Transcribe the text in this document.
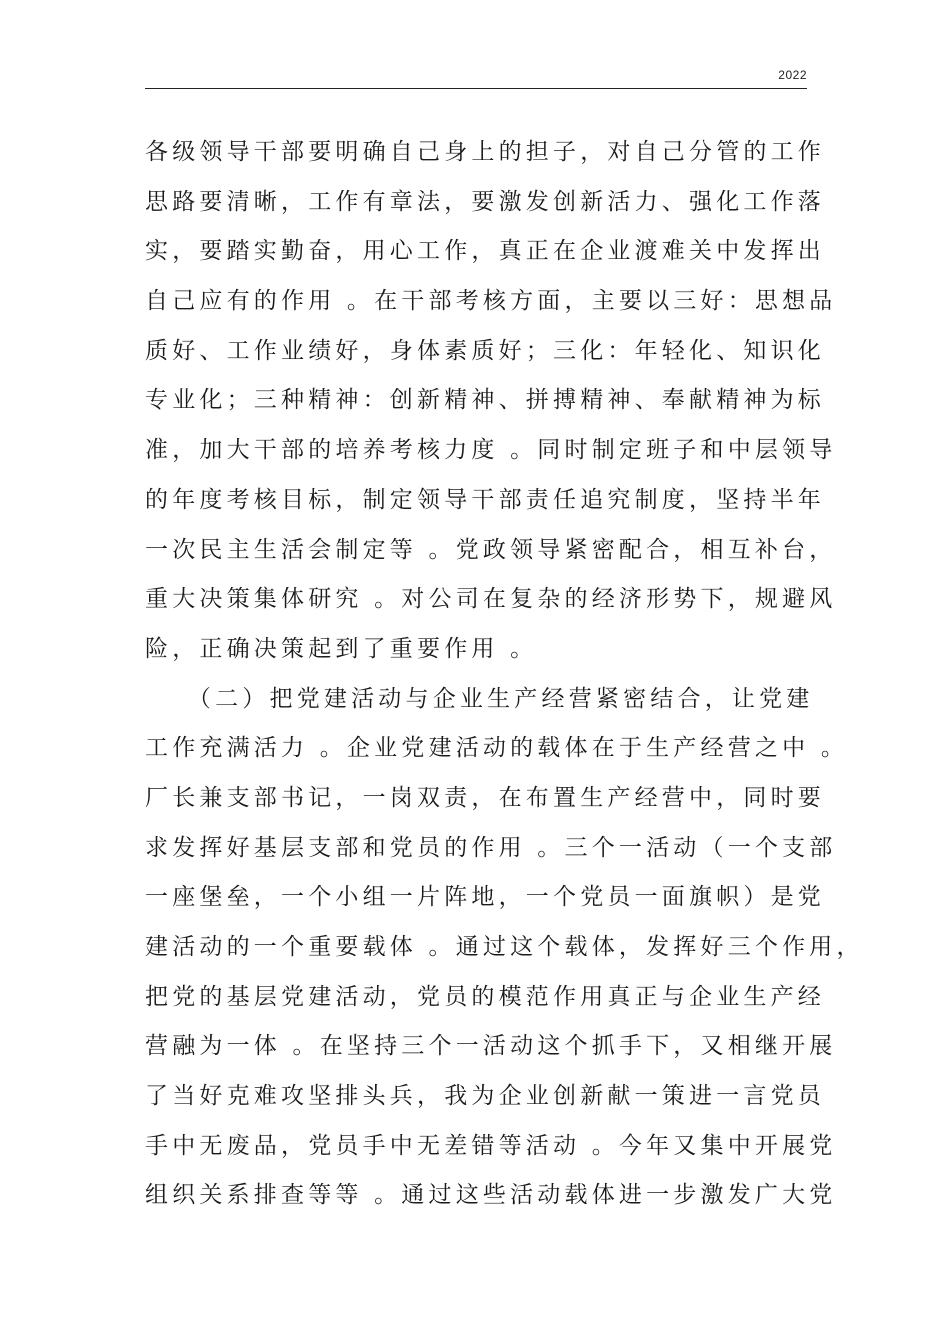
2022
各级领导干部要明确自己身上的担子，对自己分管的工作
思路要清晰，工作有章法，要激发创新活力、强化工作落
实，要踏实勤奋，用心工作，真正在企业渡难关中发挥出
自己应有的作用 。在干部考核方面，主要以三好：思想品
质好、工作业绩好，身体素质好；三化：年轻化、知识化
专业化；三种精神：创新精神、拼搏精神、奉献精神为标
准，加大干部的培养考核力度 。同时制定班子和中层领导
的年度考核目标，制定领导干部责任追究制度，坚持半年
一次民主生活会制定等 。党政领导紧密配合，相互补台，
重大决策集体研究 。对公司在复杂的经济形势下，规避风
险，正确决策起到了重要作用 。
　　（二）把党建活动与企业生产经营紧密结合，让党建
工作充满活力 。企业党建活动的载体在于生产经营之中 。
厂长兼支部书记，一岗双责，在布置生产经营中，同时要
求发挥好基层支部和党员的作用 。三个一活动（一个支部
一座堡垒，一个小组一片阵地，一个党员一面旗帜）是党
建活动的一个重要载体 。通过这个载体，发挥好三个作用，
把党的基层党建活动，党员的模范作用真正与企业生产经
营融为一体 。在坚持三个一活动这个抓手下，又相继开展
了当好克难攻坚排头兵，我为企业创新献一策进一言党员
手中无废品，党员手中无差错等活动 。今年又集中开展党
组织关系排查等等 。通过这些活动载体进一步激发广大党
